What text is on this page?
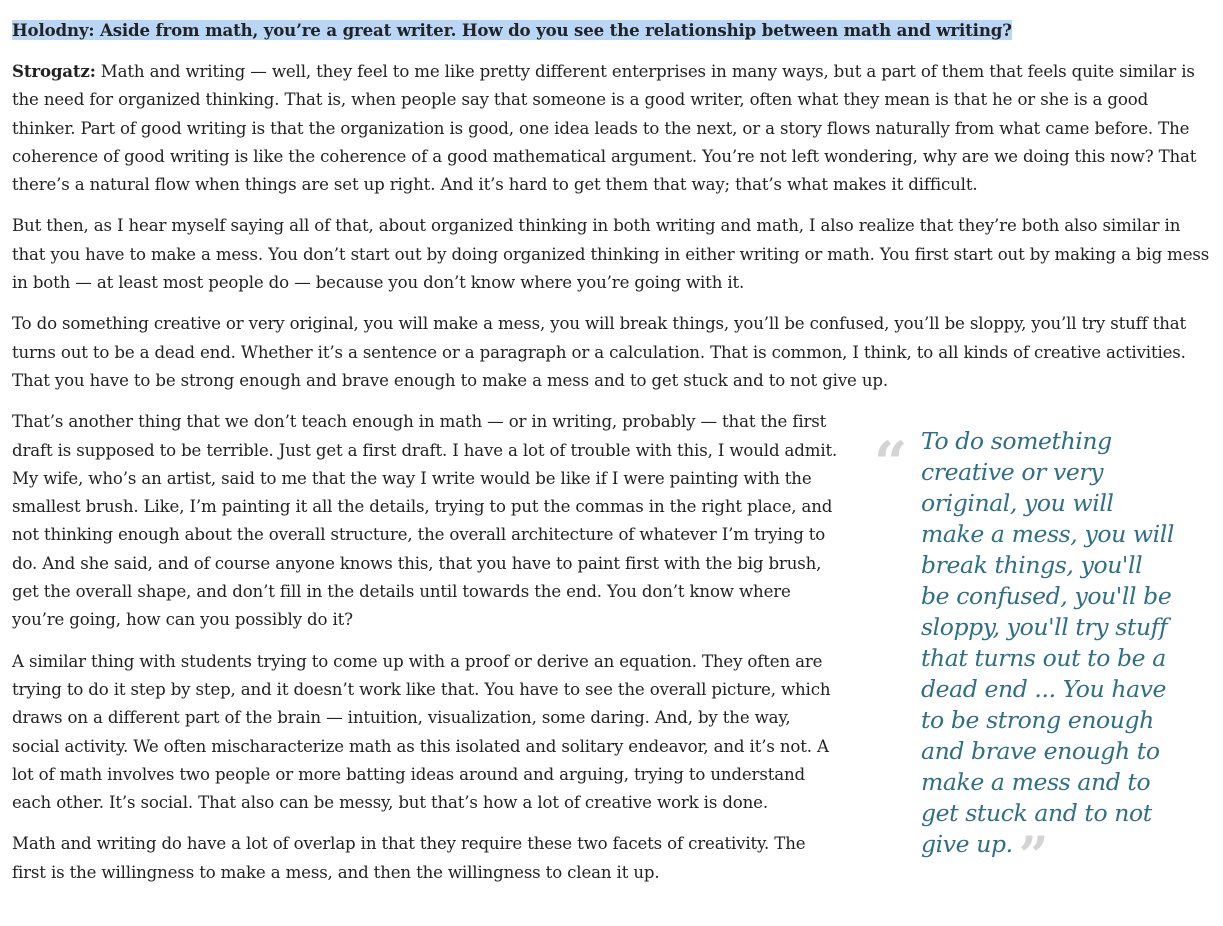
Holodny: Aside from math, you’re a great writer. How do you see the relationship between math and writing?

Strogatz: Math and writing — well, they feel to me like pretty different enterprises in many ways, but a part of them that feels quite similar is the need for organized thinking. That is, when people say that someone is a good writer, often what they mean is that he or she is a good thinker. Part of good writing is that the organization is good, one idea leads to the next, or a story flows naturally from what came before. The coherence of good writing is like the coherence of a good mathematical argument. You’re not left wondering, why are we doing this now? That there’s a natural flow when things are set up right. And it’s hard to get them that way; that’s what makes it difficult.

But then, as I hear myself saying all of that, about organized thinking in both writing and math, I also realize that they’re both also similar in that you have to make a mess. You don’t start out by doing organized thinking in either writing or math. You first start out by making a big mess in both — at least most people do — because you don’t know where you’re going with it.

To do something creative or very original, you will make a mess, you will break things, you’ll be confused, you’ll be sloppy, you’ll try stuff that turns out to be a dead end. Whether it’s a sentence or a paragraph or a calculation. That is common, I think, to all kinds of creative activities. That you have to be strong enough and brave enough to make a mess and to get stuck and to not give up.

That’s another thing that we don’t teach enough in math — or in writing, probably — that the first draft is supposed to be terrible. Just get a first draft. I have a lot of trouble with this, I would admit. My wife, who’s an artist, said to me that the way I write would be like if I were painting with the smallest brush. Like, I’m painting it all the details, trying to put the commas in the right place, and not thinking enough about the overall structure, the overall architecture of whatever I’m trying to do. And she said, and of course anyone knows this, that you have to paint first with the big brush, get the overall shape, and don’t fill in the details until towards the end. You don’t know where you’re going, how can you possibly do it?

A similar thing with students trying to come up with a proof or derive an equation. They often are trying to do it step by step, and it doesn’t work like that. You have to see the overall picture, which draws on a different part of the brain — intuition, visualization, some daring. And, by the way, social activity. We often mischaracterize math as this isolated and solitary endeavor, and it’s not. A lot of math involves two people or more batting ideas around and arguing, trying to understand each other. It’s social. That also can be messy, but that’s how a lot of creative work is done.

Math and writing do have a lot of overlap in that they require these two facets of creativity. The first is the willingness to make a mess, and then the willingness to clean it up.

“ To do something creative or very original, you will make a mess, you will break things, you'll be confused, you'll be sloppy, you'll try stuff that turns out to be a dead end ... You have to be strong enough and brave enough to make a mess and to get stuck and to not give up. ”
